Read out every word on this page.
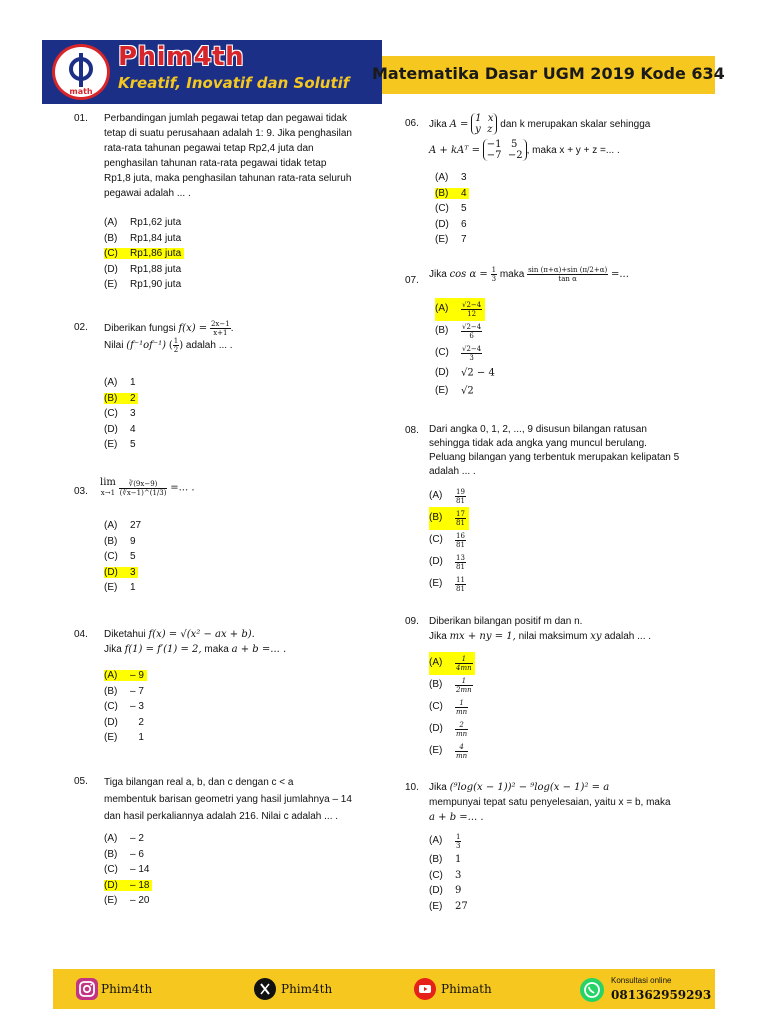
math
Phim4th
Kreatif, Inovatif dan Solutif Matematika Dasar UGM 2019 Kode 634
01. Perbandingan jumlah pegawai tetap dan pegawai tidak
tetap di suatu perusahaan adalah 1: 9. Jika penghasilan
rata-rata tahunan pegawai tetap Rp2,4 juta dan
penghasilan tahunan rata-rata pegawai tidak tetap
Rp1,8 juta, maka penghasilan tahunan rata-rata seluruh
pegawai adalah ... .
(A) Rp1,62 juta
(B) Rp1,84 juta
(C) Rp1,86 juta
(D) Rp1,88 juta
(E) Rp1,90 juta
02. Diberikan fungsi $f(x) = \frac{2x-1}{x+1}$ .
Nilai (f⁻¹of⁻¹) ( $\frac{1}{2}$ ) adalah ... .
(A) 1
(B) 2
(C) 3
(D) 4
(E) 5
03.
lim
$x\to 1 \frac{∛(9x-9)}{(∛x-1)\^{}(1/3)}$ =... .
(A) 27
(B) 9
(C) 5
(D) 3
(E) 1
04. Diketahui f(x) = √(x² − ax + b).
Jika f(1) = f′(1) = 2, maka a + b =... .
(A) – 9
(B) – 7
(C) – 3
(D) 2
(E) 1
05. Tiga bilangan real a, b, dan c dengan c < a
membentuk barisan geometri yang hasil jumlahnya – 14
dan hasil perkaliannya adalah 216. Nilai c adalah ... .
(A) – 2
(B) – 6
(C) – 14
(D) – 18
(E) – 20
06. Jika A = 1  x
y  z dan k merupakan skalar sehingga
A + kAᵀ = −1   5
−7  −2 , maka x + y + z =... .
(A) 3
(B) 4
(C) 5
(D) 6
(E) 7
07.
Jika $\cos \alpha = \frac{1}{3}$ maka $\frac{\sin (\pi+\alpha)+\sin (\pi/2+\alpha)}{\text{tan α}}$ =...
$(A) \frac{√2-4}{12}$

$(B) \frac{√2-4}{6}$
$(C) \frac{√2-4}{3}$
(D) √2 − 4
(E) √2
08. Dari angka 0, 1, 2, ..., 9 disusun bilangan ratusan
sehingga tidak ada angka yang muncul berulang.
Peluang bilangan yang terbentuk merupakan kelipatan 5
adalah ... .
$(A) \frac{19}{81}$
$(B) \frac{17}{81}$

$(C) \frac{16}{81}$
$(D) \frac{13}{81}$
$(E) \frac{11}{81}$
09. Diberikan bilangan positif m dan n.
Jika mx + ny = 1, nilai maksimum xy adalah ... .
$(A) \frac{1}{4mn}$

$(B) \frac{1}{2mn}$
$(C) \frac{1}{mn}$
$(D) \frac{2}{mn}$
$(E) \frac{4}{mn}$
10. Jika (⁹log(x − 1))² − ⁹log(x − 1)² = a
mempunyai tepat satu penyelesaian, yaitu x = b, maka
a + b =... .
$(A) \frac{1}{3}$
(B) 1
(C) 3
(D) 9
(E) 27
Phim4th	Phim4th	Phimath
Konsultasi online
081362959293
